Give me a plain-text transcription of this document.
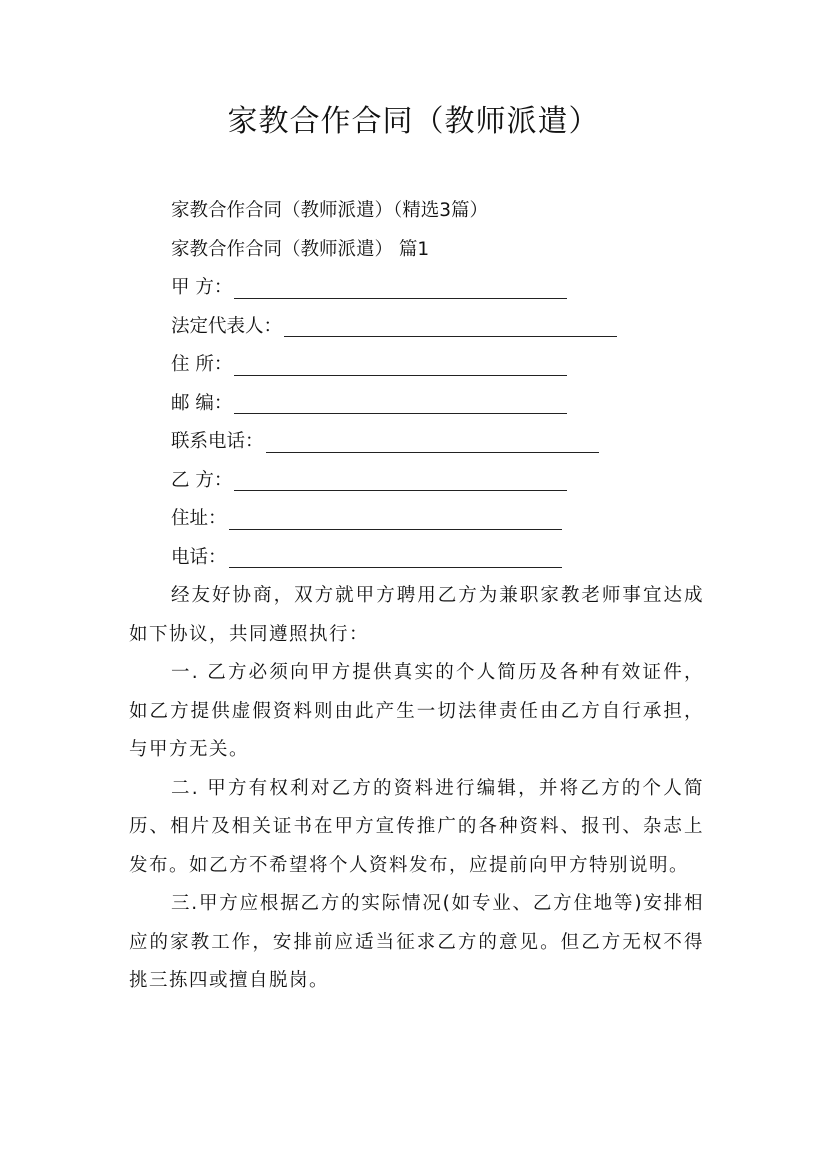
家教合作合同（教师派遣）

家教合作合同（教师派遣）（精选3篇）

家教合作合同（教师派遣） 篇1

甲 方：
法定代表人：
住 所：
邮 编：
联系电话：
乙 方：
住址：
电话：

经友好协商，双方就甲方聘用乙方为兼职家教老师事宜达成如下协议，共同遵照执行：

一. 乙方必须向甲方提供真实的个人简历及各种有效证件，如乙方提供虚假资料则由此产生一切法律责任由乙方自行承担，与甲方无关。

二. 甲方有权利对乙方的资料进行编辑，并将乙方的个人简历、相片及相关证书在甲方宣传推广的各种资料、报刊、杂志上发布。如乙方不希望将个人资料发布，应提前向甲方特别说明。

三.甲方应根据乙方的实际情况(如专业、乙方住地等)安排相应的家教工作，安排前应适当征求乙方的意见。但乙方无权不得挑三拣四或擅自脱岗。
